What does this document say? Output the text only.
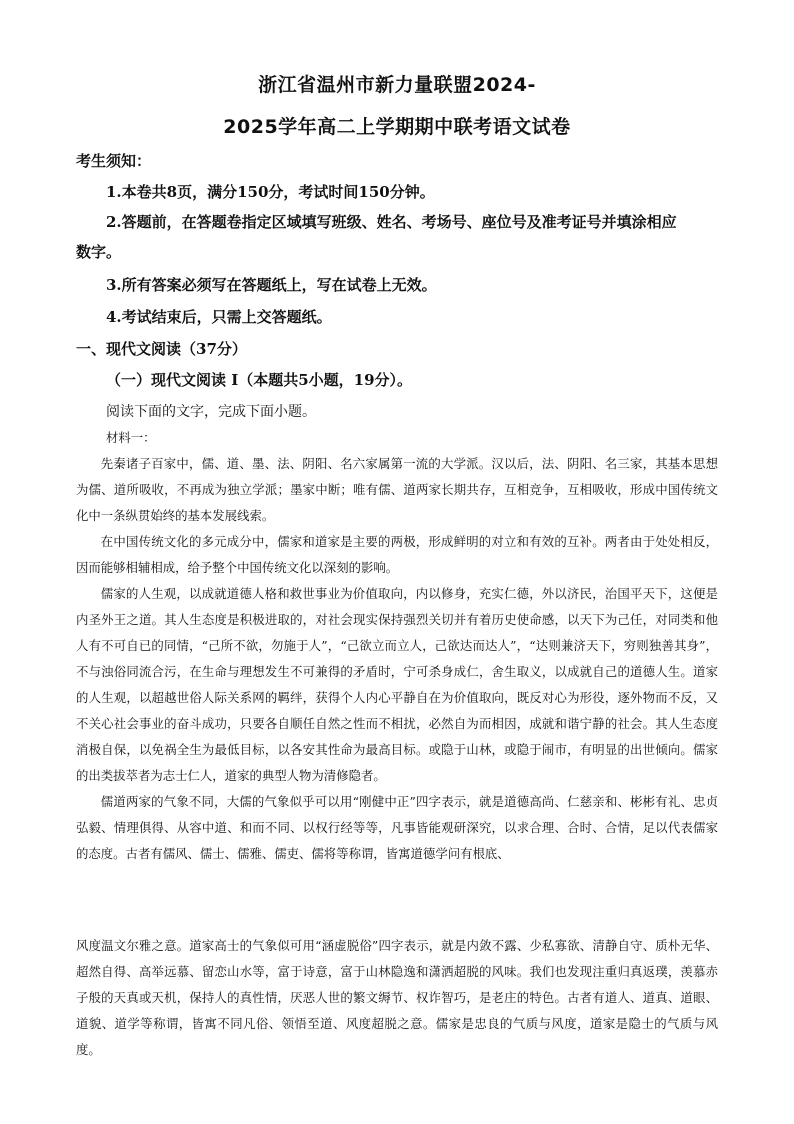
浙江省温州市新力量联盟2024-
2025学年高二上学期期中联考语文试卷
考生须知：
1.本卷共8页，满分150分，考试时间150分钟。
2.答题前，在答题卷指定区域填写班级、姓名、考场号、座位号及准考证号并填涂相应
数字。
3.所有答案必须写在答题纸上，写在试卷上无效。
4.考试结束后，只需上交答题纸。
一、现代文阅读（37分）
（一）现代文阅读 I（本题共5小题，19分）。
阅读下面的文字，完成下面小题。
材料一：

先秦诸子百家中，儒、道、墨、法、阴阳、名六家属第一流的大学派。汉以后，法、阴阳、名三家，其基本思想为儒、道所吸收，不再成为独立学派；墨家中断；唯有儒、道两家长期共存，互相竞争，互相吸收，形成中国传统文化中一条纵贯始终的基本发展线索。

在中国传统文化的多元成分中，儒家和道家是主要的两极，形成鲜明的对立和有效的互补。两者由于处处相反，因而能够相辅相成，给予整个中国传统文化以深刻的影响。

儒家的人生观，以成就道德人格和救世事业为价值取向，内以修身，充实仁德，外以济民，治国平天下，这便是内圣外王之道。其人生态度是积极进取的，对社会现实保持强烈关切并有着历史使命感，以天下为己任，对同类和他人有不可自已的同情，“己所不欲，勿施于人”，“己欲立而立人，己欲达而达人”，“达则兼济天下，穷则独善其身”，不与浊俗同流合污，在生命与理想发生不可兼得的矛盾时，宁可杀身成仁，舍生取义，以成就自己的道德人生。道家的人生观，以超越世俗人际关系网的羁绊，获得个人内心平静自在为价值取向，既反对心为形役，逐外物而不反，又不关心社会事业的奋斗成功，只要各自顺任自然之性而不相扰，必然自为而相因，成就和谐宁静的社会。其人生态度消极自保，以免祸全生为最低目标，以各安其性命为最高目标。或隐于山林，或隐于闹市，有明显的出世倾向。儒家的出类拔萃者为志士仁人，道家的典型人物为清修隐者。

儒道两家的气象不同，大儒的气象似乎可以用“刚健中正”四字表示，就是道德高尚、仁慈亲和、彬彬有礼、忠贞弘毅、情理俱得、从容中道、和而不同、以权行经等等，凡事皆能观研深究，以求合理、合时、合情，足以代表儒家的态度。古者有儒风、儒士、儒雅、儒吏、儒将等称谓，皆寓道德学问有根底、

风度温文尔雅之意。道家高士的气象似可用“涵虚脱俗”四字表示，就是内敛不露、少私寡欲、清静自守、质朴无华、超然自得、高举远慕、留恋山水等，富于诗意，富于山林隐逸和潇洒超脱的风味。我们也发现注重归真返璞，羡慕赤子般的天真或天机，保持人的真性情，厌恶人世的繁文缛节、权诈智巧，是老庄的特色。古者有道人、道真、道眼、道貌、道学等称谓，皆寓不同凡俗、领悟至道、风度超脱之意。儒家是忠良的气质与风度，道家是隐士的气质与风度。
